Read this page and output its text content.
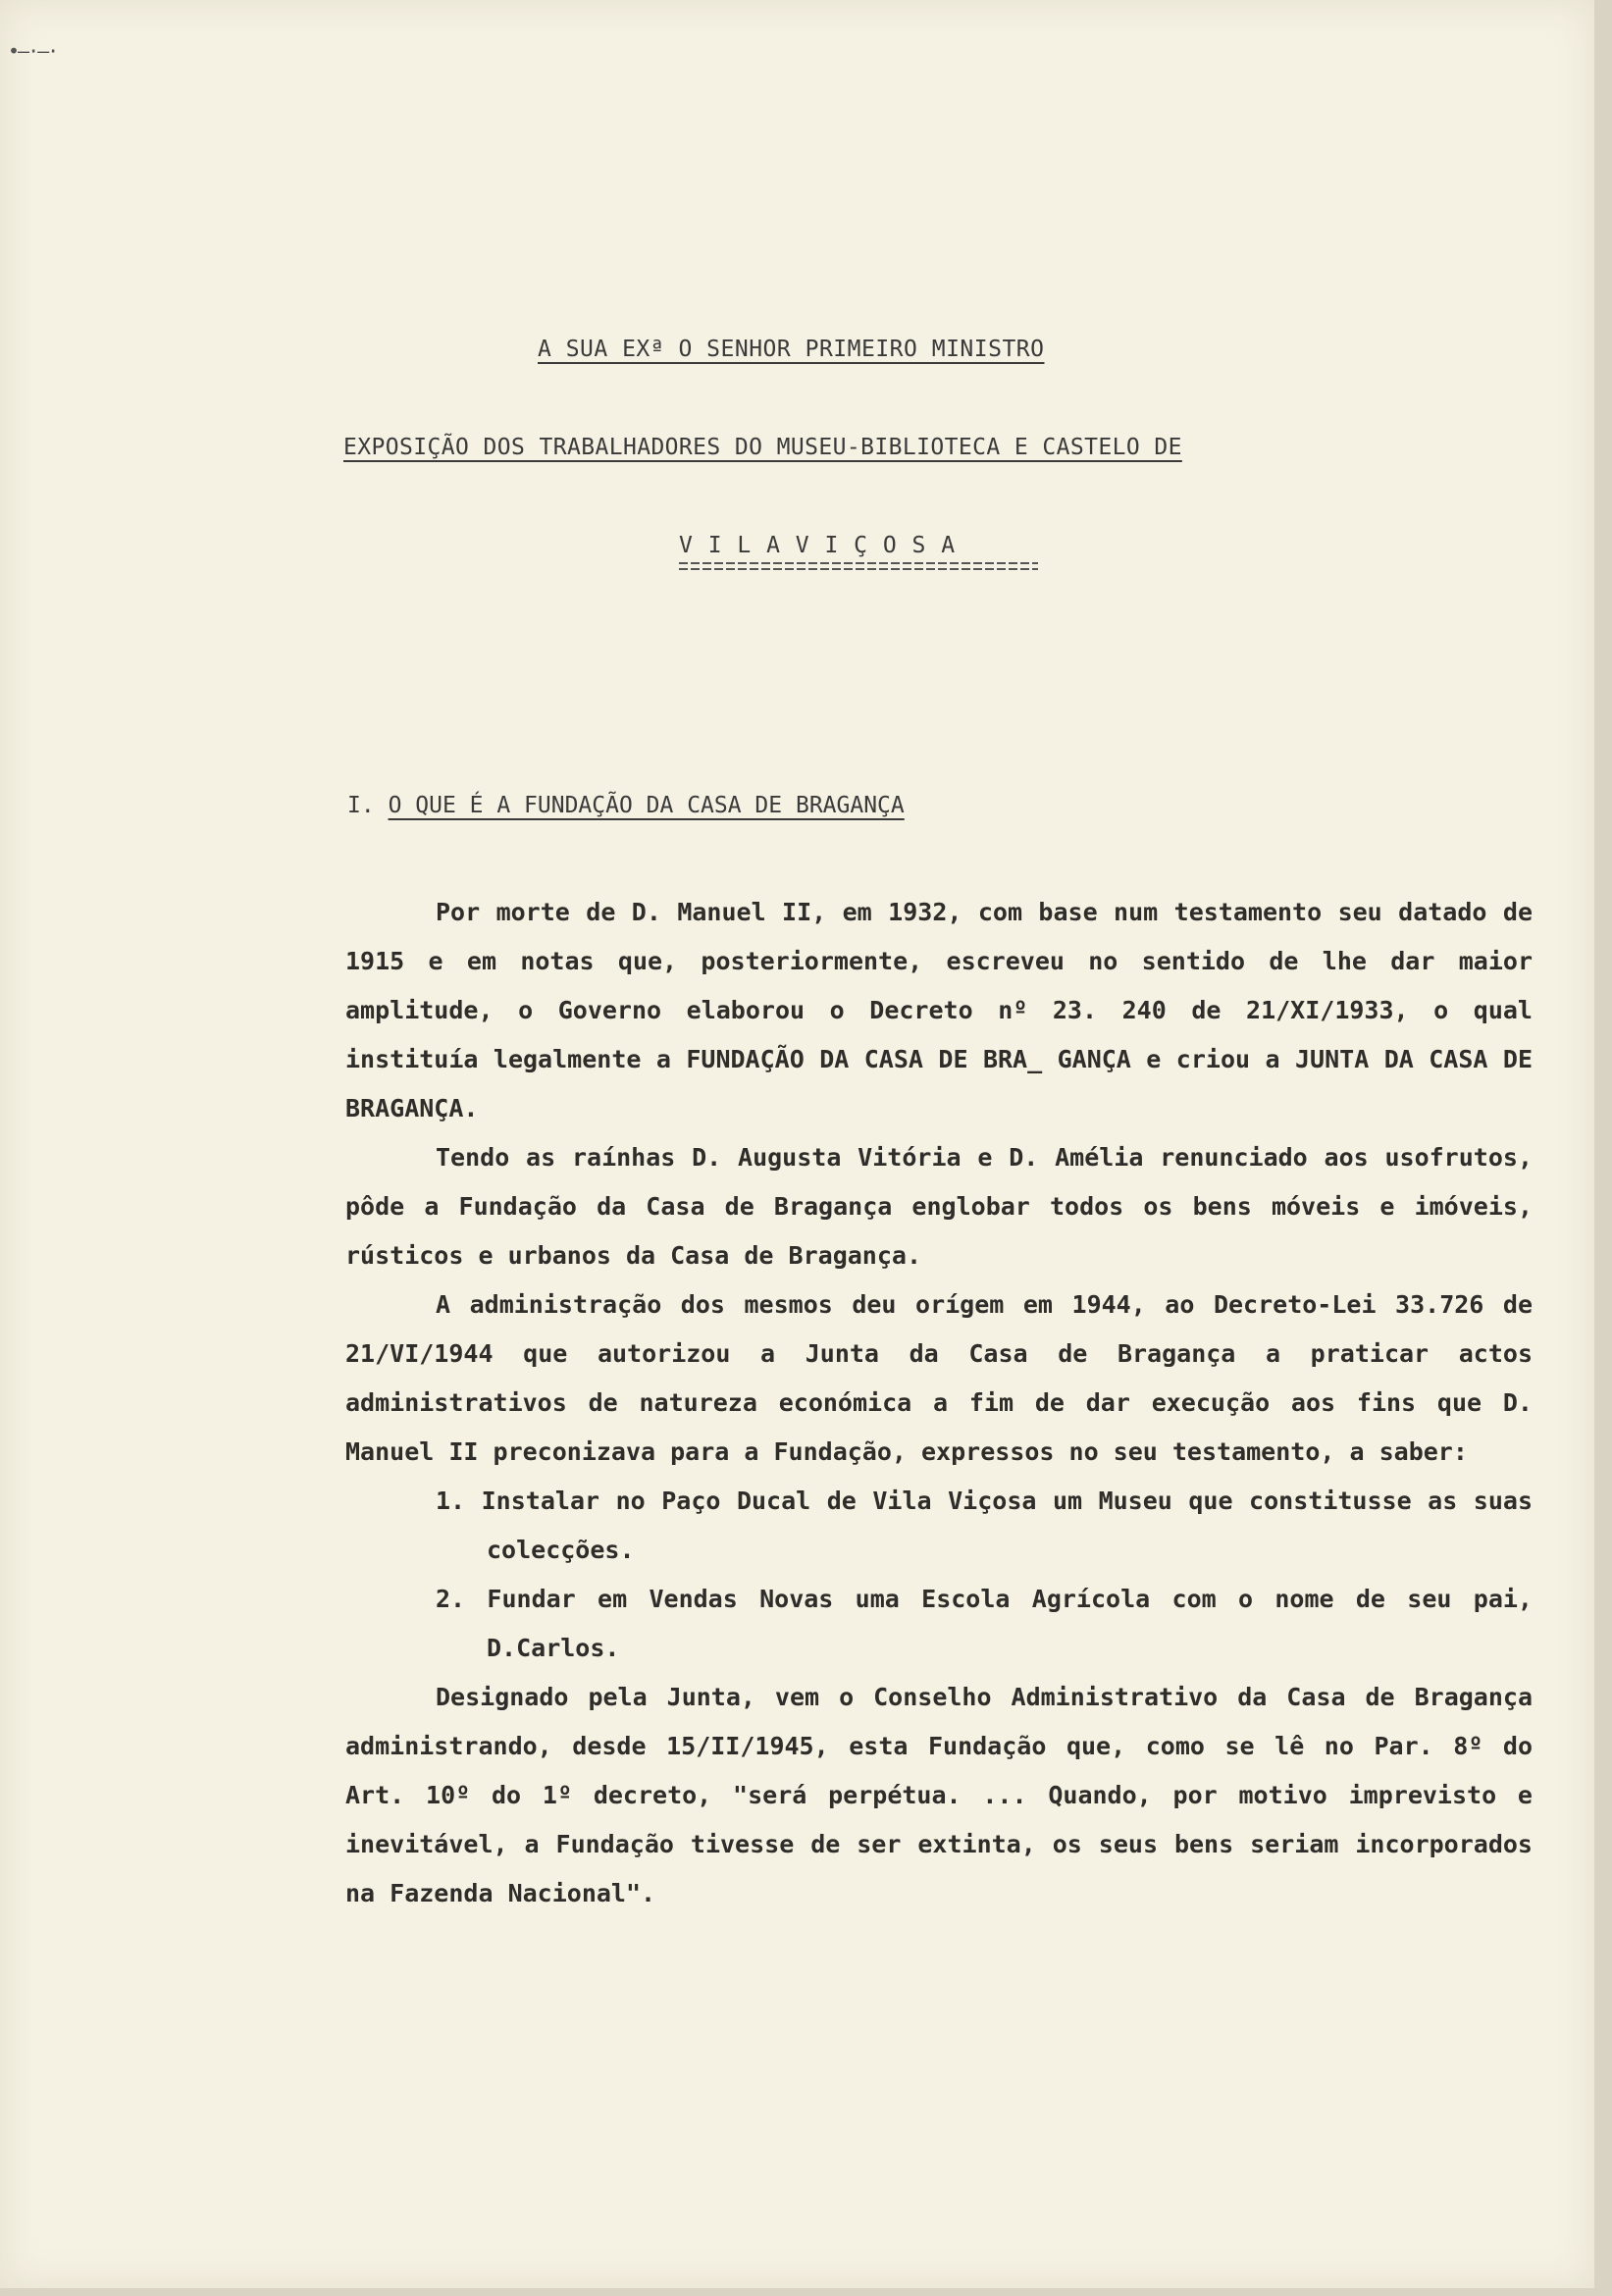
•—·—·
A SUA EXª O SENHOR PRIMEIRO MINISTRO
EXPOSIÇÃO DOS TRABALHADORES DO MUSEU-BIBLIOTECA E CASTELO DE
V I L A V I Ç O S A
I. O QUE É A FUNDAÇÃO DA CASA DE BRAGANÇA

Por morte de D. Manuel II, em 1932, com base num testamento seu datado de 1915 e em notas que, posteriormente, escreveu no sentido de lhe dar maior amplitude, o Governo elaborou o Decreto nº 23. 240 de 21/XI/1933, o qual instituía legalmente a FUNDAÇÃO DA CASA DE BRA_ GANÇA e criou a JUNTA DA CASA DE BRAGANÇA.

Tendo as raínhas D. Augusta Vitória e D. Amélia renunciado aos usofrutos, pôde a Fundação da Casa de Bragança englobar todos os bens móveis e imóveis, rústicos e urbanos da Casa de Bragança.

A administração dos mesmos deu orígem em 1944, ao Decreto-Lei 33.726 de 21/VI/1944 que autorizou a Junta da Casa de Bragança a praticar actos administrativos de natureza económica a fim de dar execução aos fins que D. Manuel II preconizava para a Fundação, expressos no seu testamento, a saber:

1. Instalar no Paço Ducal de Vila Viçosa um Museu que constitusse as suas colecções.

2. Fundar em Vendas Novas uma Escola Agrícola com o nome de seu pai, D.Carlos.

Designado pela Junta, vem o Conselho Administrativo da Casa de Bragança administrando, desde 15/II/1945, esta Fundação que, como se lê no Par. 8º do Art. 10º do 1º decreto, "será perpétua. ... Quando, por motivo imprevisto e inevitável, a Fundação tivesse de ser extinta, os seus bens seriam incorporados na Fazenda Nacional".
